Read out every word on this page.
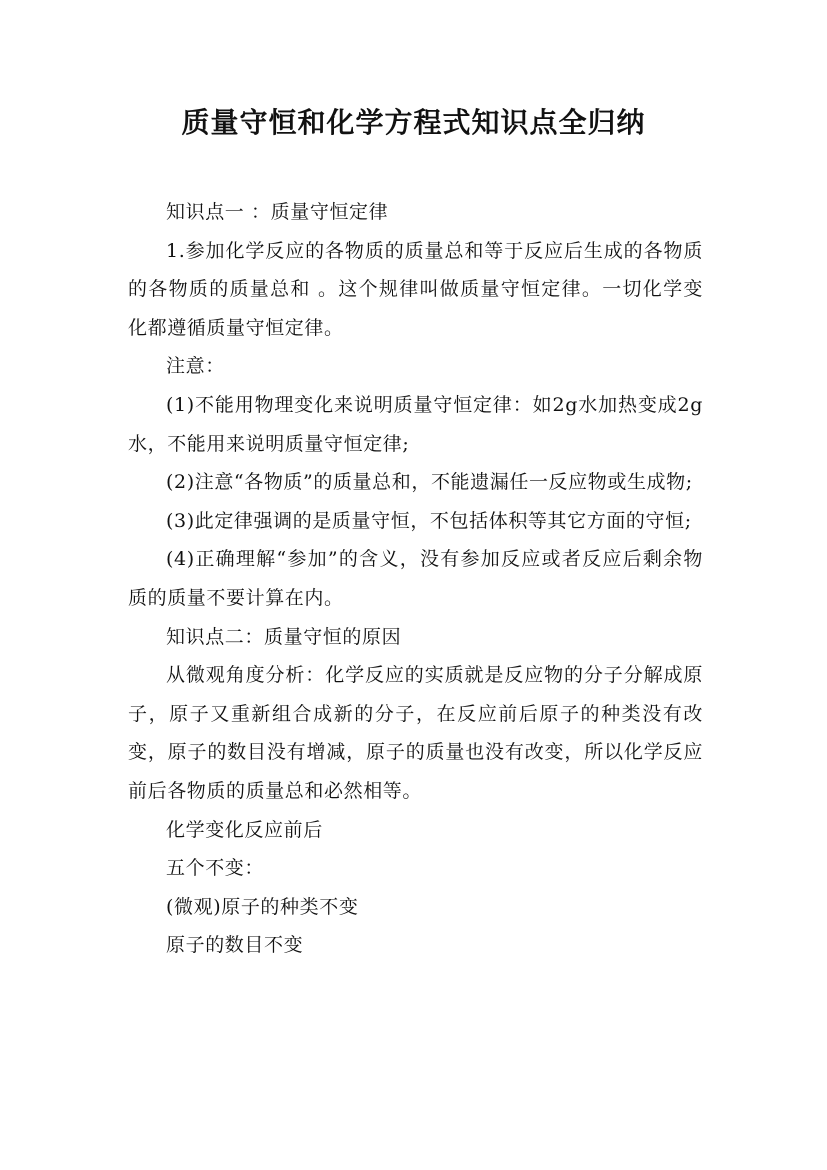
质量守恒和化学方程式知识点全归纳

知识点一 ：质量守恒定律

1.参加化学反应的各物质的质量总和等于反应后生成的各物质的各物质的质量总和 。这个规律叫做质量守恒定律。一切化学变化都遵循质量守恒定律。

注意：

(1)不能用物理变化来说明质量守恒定律：如2g水加热变成2g水，不能用来说明质量守恒定律;

(2)注意“各物质”的质量总和，不能遗漏任一反应物或生成物;

(3)此定律强调的是质量守恒，不包括体积等其它方面的守恒;

(4)正确理解“参加”的含义，没有参加反应或者反应后剩余物质的质量不要计算在内。

知识点二：质量守恒的原因

从微观角度分析：化学反应的实质就是反应物的分子分解成原子，原子又重新组合成新的分子，在反应前后原子的种类没有改变，原子的数目没有增减，原子的质量也没有改变，所以化学反应前后各物质的质量总和必然相等。

化学变化反应前后

五个不变：

(微观)原子的种类不变

原子的数目不变
